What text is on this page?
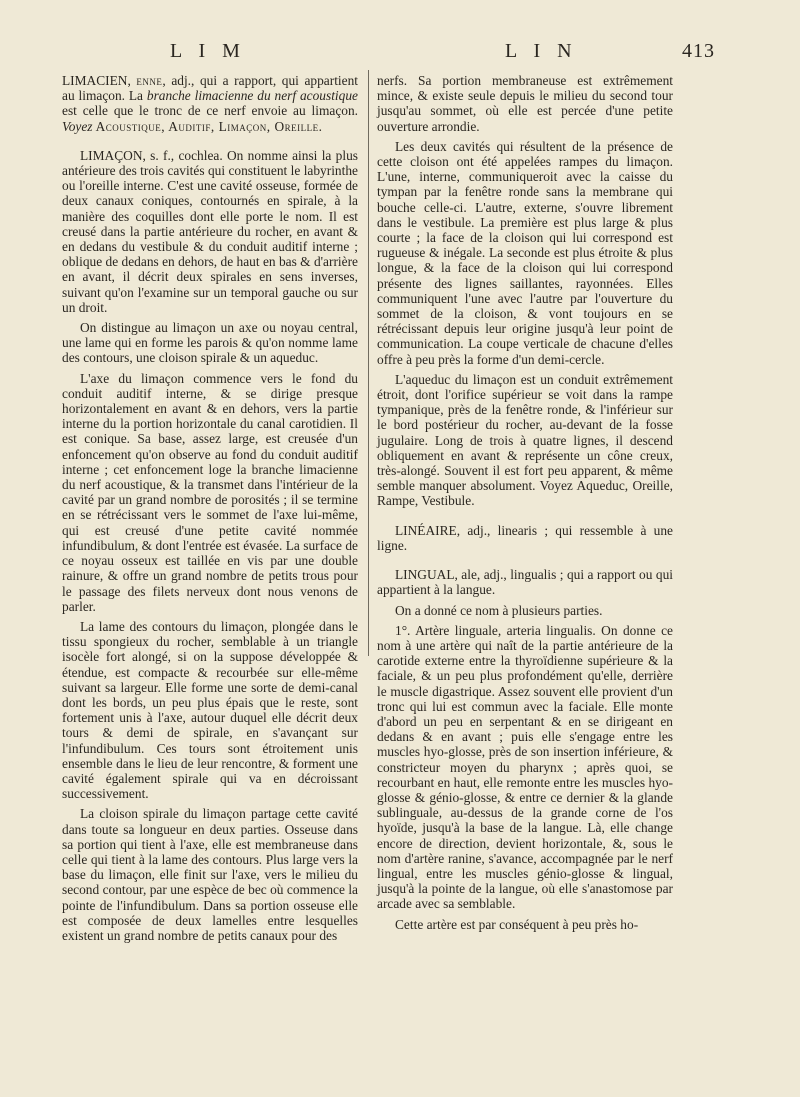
L I M	L I N	413

LIMACIEN, enne, adj., qui a rapport, qui appartient au limaçon. La branche limacienne du nerf acoustique est celle que le tronc de ce nerf envoie au limaçon. Voyez Acoustique, Auditif, Limaçon, Oreille.

LIMAÇON, s. f., cochlea. On nomme ainsi la plus antérieure des trois cavités qui constituent le labyrinthe ou l'oreille interne. C'est une cavité osseuse, formée de deux canaux coniques, contournés en spirale, à la manière des coquilles dont elle porte le nom. Il est creusé dans la partie antérieure du rocher, en avant & en dedans du vestibule & du conduit auditif interne ; oblique de dedans en dehors, de haut en bas & d'arrière en avant, il décrit deux spirales en sens inverses, suivant qu'on l'examine sur un temporal gauche ou sur un droit.

On distingue au limaçon un axe ou noyau central, une lame qui en forme les parois & qu'on nomme lame des contours, une cloison spirale & un aqueduc.

L'axe du limaçon commence vers le fond du conduit auditif interne, & se dirige presque horizontalement en avant & en dehors, vers la partie interne du la portion horizontale du canal carotidien. Il est conique. Sa base, assez large, est creusée d'un enfoncement qu'on observe au fond du conduit auditif interne ; cet enfoncement loge la branche limacienne du nerf acoustique, & la transmet dans l'intérieur de la cavité par un grand nombre de porosités ; il se termine en se rétrécissant vers le sommet de l'axe lui-même, qui est creusé d'une petite cavité nommée infundibulum, & dont l'entrée est évasée. La surface de ce noyau osseux est taillée en vis par une double rainure, & offre un grand nombre de petits trous pour le passage des filets nerveux dont nous venons de parler.

La lame des contours du limaçon, plongée dans le tissu spongieux du rocher, semblable à un triangle isocèle fort alongé, si on la suppose développée & étendue, est compacte & recourbée sur elle-même suivant sa largeur. Elle forme une sorte de demi-canal dont les bords, un peu plus épais que le reste, sont fortement unis à l'axe, autour duquel elle décrit deux tours & demi de spirale, en s'avançant sur l'infundibulum. Ces tours sont étroitement unis ensemble dans le lieu de leur rencontre, & forment une cavité également spirale qui va en décroissant successivement.

La cloison spirale du limaçon partage cette cavité dans toute sa longueur en deux parties. Osseuse dans sa portion qui tient à l'axe, elle est membraneuse dans celle qui tient à la lame des contours. Plus large vers la base du limaçon, elle finit sur l'axe, vers le milieu du second contour, par une espèce de bec où commence la pointe de l'infundibulum. Dans sa portion osseuse elle est composée de deux lamelles entre lesquelles existent un grand nombre de petits canaux pour des

nerfs. Sa portion membraneuse est extrêmement mince, & existe seule depuis le milieu du second tour jusqu'au sommet, où elle est percée d'une petite ouverture arrondie.

Les deux cavités qui résultent de la présence de cette cloison ont été appelées rampes du limaçon. L'une, interne, communiqueroit avec la caisse du tympan par la fenêtre ronde sans la membrane qui bouche celle-ci. L'autre, externe, s'ouvre librement dans le vestibule. La première est plus large & plus courte ; la face de la cloison qui lui correspond est rugueuse & inégale. La seconde est plus étroite & plus longue, & la face de la cloison qui lui correspond présente des lignes saillantes, rayonnées. Elles communiquent l'une avec l'autre par l'ouverture du sommet de la cloison, & vont toujours en se rétrécissant depuis leur origine jusqu'à leur point de communication. La coupe verticale de chacune d'elles offre à peu près la forme d'un demi-cercle.

L'aqueduc du limaçon est un conduit extrêmement étroit, dont l'orifice supérieur se voit dans la rampe tympanique, près de la fenêtre ronde, & l'inférieur sur le bord postérieur du rocher, au-devant de la fosse jugulaire. Long de trois à quatre lignes, il descend obliquement en avant & représente un cône creux, très-alongé. Souvent il est fort peu apparent, & même semble manquer absolument. Voyez Aqueduc, Oreille, Rampe, Vestibule.

LINÉAIRE, adj., linearis ; qui ressemble à une ligne.

LINGUAL, ale, adj., lingualis ; qui a rapport ou qui appartient à la langue.

On a donné ce nom à plusieurs parties.

1°. Artère linguale, arteria lingualis. On donne ce nom à une artère qui naît de la partie antérieure de la carotide externe entre la thyroïdienne supérieure & la faciale, & un peu plus profondément qu'elle, derrière le muscle digastrique. Assez souvent elle provient d'un tronc qui lui est commun avec la faciale. Elle monte d'abord un peu en serpentant & en se dirigeant en dedans & en avant ; puis elle s'engage entre les muscles hyo-glosse, près de son insertion inférieure, & constricteur moyen du pharynx ; après quoi, se recourbant en haut, elle remonte entre les muscles hyo-glosse & génio-glosse, & entre ce dernier & la glande sublinguale, au-dessus de la grande corne de l'os hyoïde, jusqu'à la base de la langue. Là, elle change encore de direction, devient horizontale, &, sous le nom d'artère ranine, s'avance, accompagnée par le nerf lingual, entre les muscles génio-glosse & lingual, jusqu'à la pointe de la langue, où elle s'anastomose par arcade avec sa semblable.

Cette artère est par conséquent à peu près ho-
